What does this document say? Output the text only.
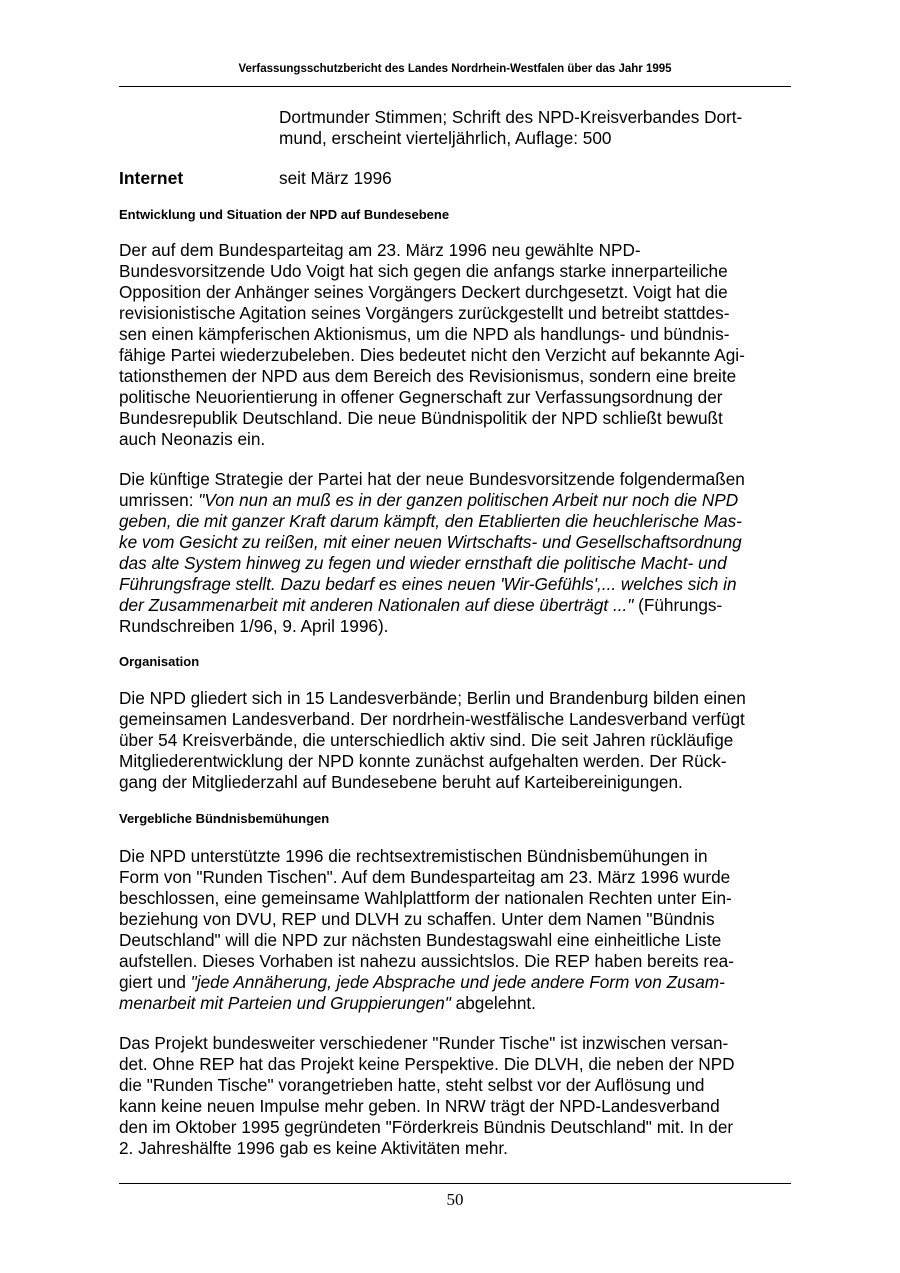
Verfassungsschutzbericht des Landes Nordrhein-Westfalen über das Jahr 1995

Dortmunder Stimmen; Schrift des NPD-Kreisverbandes Dort-

mund, erscheint vierteljährlich, Auflage: 500

Internet	seit März 1996
Entwicklung und Situation der NPD auf Bundesebene

Der auf dem Bundesparteitag am 23. März 1996 neu gewählte NPD-

Bundesvorsitzende Udo Voigt hat sich gegen die anfangs starke innerparteiliche

Opposition der Anhänger seines Vorgängers Deckert durchgesetzt. Voigt hat die

revisionistische Agitation seines Vorgängers zurückgestellt und betreibt stattdes-

sen einen kämpferischen Aktionismus, um die NPD als handlungs- und bündnis-

fähige Partei wiederzubeleben. Dies bedeutet nicht den Verzicht auf bekannte Agi-

tationsthemen der NPD aus dem Bereich des Revisionismus, sondern eine breite

politische Neuorientierung in offener Gegnerschaft zur Verfassungsordnung der

Bundesrepublik Deutschland. Die neue Bündnispolitik der NPD schließt bewußt

auch Neonazis ein.

Die künftige Strategie der Partei hat der neue Bundesvorsitzende folgendermaßen

umrissen: "Von nun an muß es in der ganzen politischen Arbeit nur noch die NPD

geben, die mit ganzer Kraft darum kämpft, den Etablierten die heuchlerische Mas-

ke vom Gesicht zu reißen, mit einer neuen Wirtschafts- und Gesellschaftsordnung

das alte System hinweg zu fegen und wieder ernsthaft die politische Macht- und

Führungsfrage stellt. Dazu bedarf es eines neuen 'Wir-Gefühls',... welches sich in

der Zusammenarbeit mit anderen Nationalen auf diese überträgt ..." (Führungs-

Rundschreiben 1/96, 9. April 1996).

Organisation

Die NPD gliedert sich in 15 Landesverbände; Berlin und Brandenburg bilden einen

gemeinsamen Landesverband. Der nordrhein-westfälische Landesverband verfügt

über 54 Kreisverbände, die unterschiedlich aktiv sind. Die seit Jahren rückläufige

Mitgliederentwicklung der NPD konnte zunächst aufgehalten werden. Der Rück-

gang der Mitgliederzahl auf Bundesebene beruht auf Karteibereinigungen.

Vergebliche Bündnisbemühungen

Die NPD unterstützte 1996 die rechtsextremistischen Bündnisbemühungen in

Form von "Runden Tischen". Auf dem Bundesparteitag am 23. März 1996 wurde

beschlossen, eine gemeinsame Wahlplattform der nationalen Rechten unter Ein-

beziehung von DVU, REP und DLVH zu schaffen. Unter dem Namen "Bündnis

Deutschland" will die NPD zur nächsten Bundestagswahl eine einheitliche Liste

aufstellen. Dieses Vorhaben ist nahezu aussichtslos. Die REP haben bereits rea-

giert und "jede Annäherung, jede Absprache und jede andere Form von Zusam-

menarbeit mit Parteien und Gruppierungen" abgelehnt.

Das Projekt bundesweiter verschiedener "Runder Tische" ist inzwischen versan-

det. Ohne REP hat das Projekt keine Perspektive. Die DLVH, die neben der NPD

die "Runden Tische" vorangetrieben hatte, steht selbst vor der Auflösung und

kann keine neuen Impulse mehr geben. In NRW trägt der NPD-Landesverband

den im Oktober 1995 gegründeten "Förderkreis Bündnis Deutschland" mit. In der

2. Jahreshälfte 1996 gab es keine Aktivitäten mehr.

50
